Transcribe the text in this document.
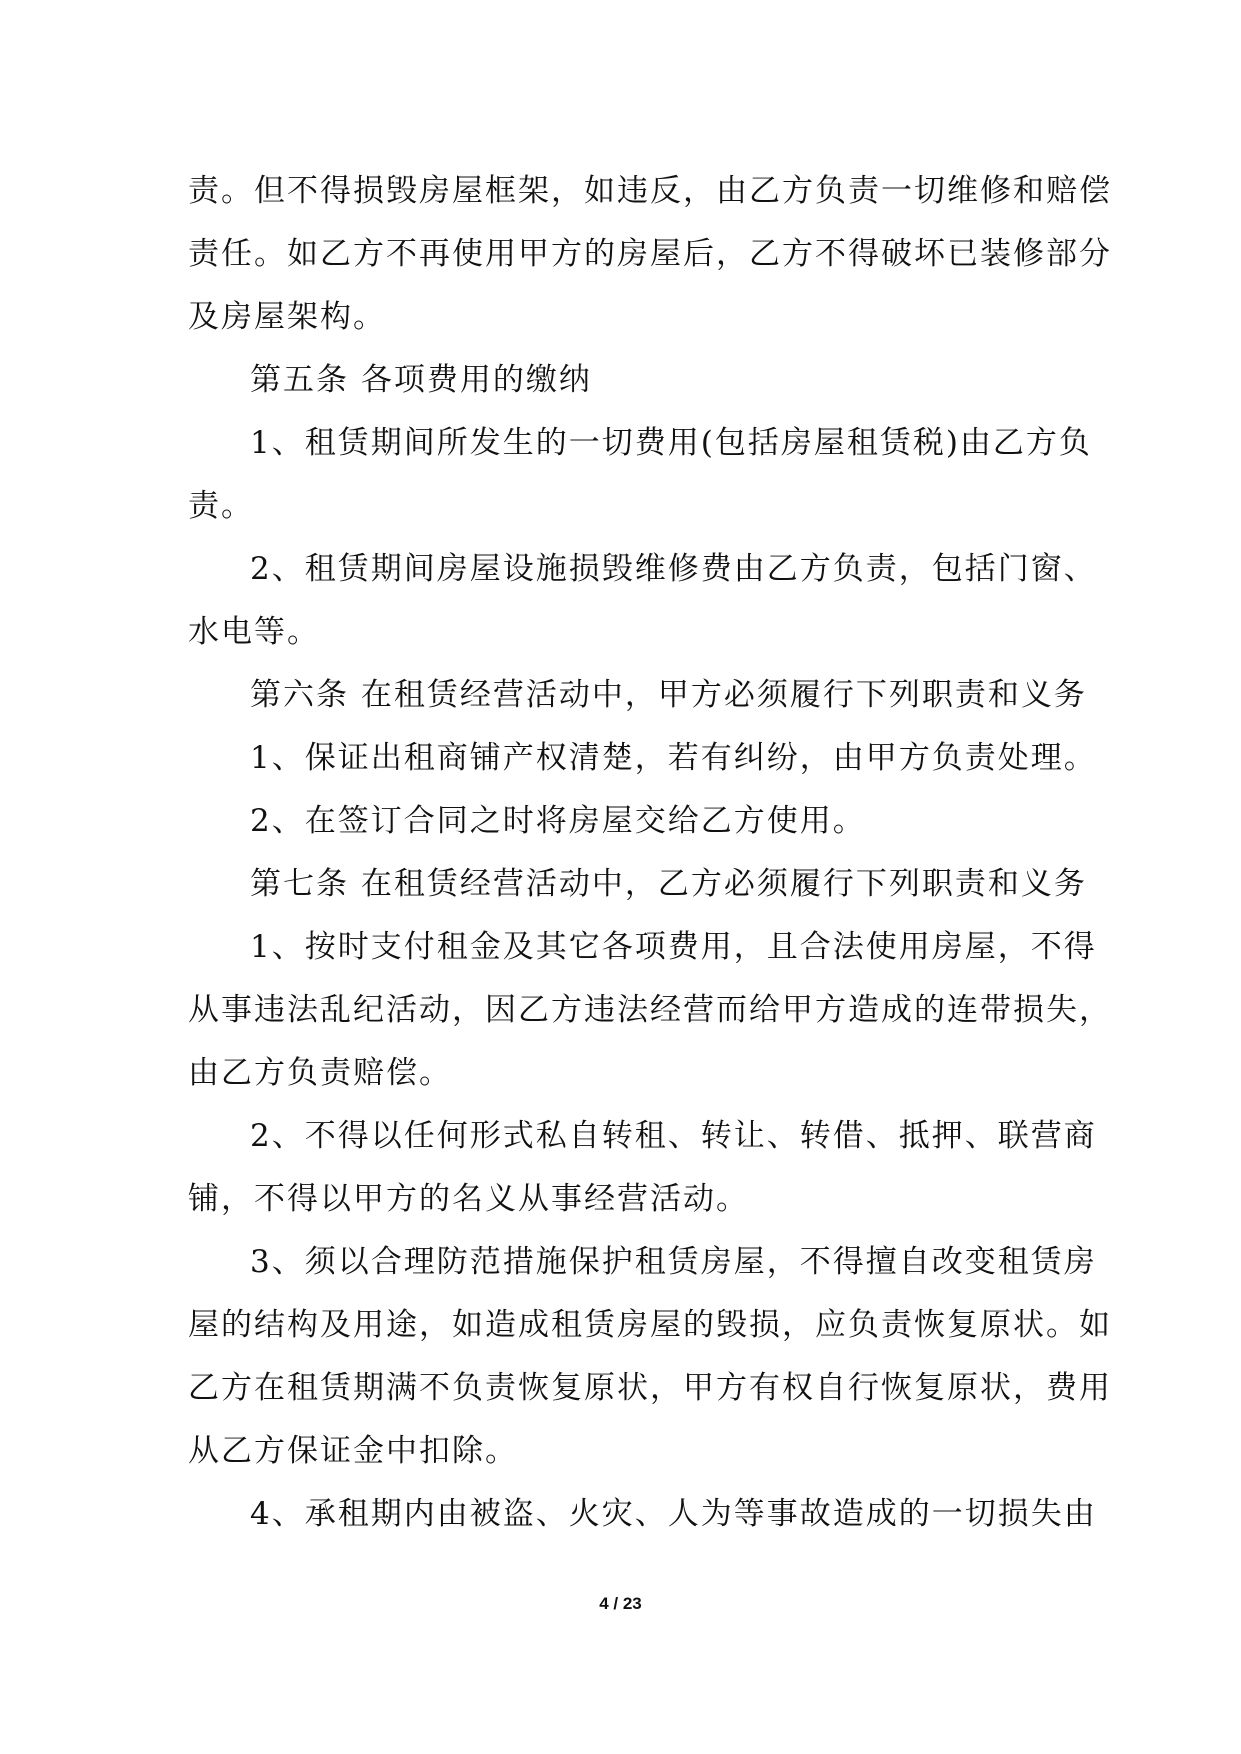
责。但不得损毁房屋框架，如违反，由乙方负责一切维修和赔偿
责任。如乙方不再使用甲方的房屋后，乙方不得破坏已装修部分
及房屋架构。
第五条 各项费用的缴纳
1、租赁期间所发生的一切费用(包括房屋租赁税)由乙方负
责。
2、租赁期间房屋设施损毁维修费由乙方负责，包括门窗、
水电等。
第六条 在租赁经营活动中，甲方必须履行下列职责和义务
1、保证出租商铺产权清楚，若有纠纷，由甲方负责处理。
2、在签订合同之时将房屋交给乙方使用。
第七条 在租赁经营活动中，乙方必须履行下列职责和义务
1、按时支付租金及其它各项费用，且合法使用房屋，不得
从事违法乱纪活动，因乙方违法经营而给甲方造成的连带损失，
由乙方负责赔偿。
2、不得以任何形式私自转租、转让、转借、抵押、联营商
铺，不得以甲方的名义从事经营活动。
3、须以合理防范措施保护租赁房屋，不得擅自改变租赁房
屋的结构及用途，如造成租赁房屋的毁损，应负责恢复原状。如
乙方在租赁期满不负责恢复原状，甲方有权自行恢复原状，费用
从乙方保证金中扣除。
4、承租期内由被盗、火灾、人为等事故造成的一切损失由
4 / 23
